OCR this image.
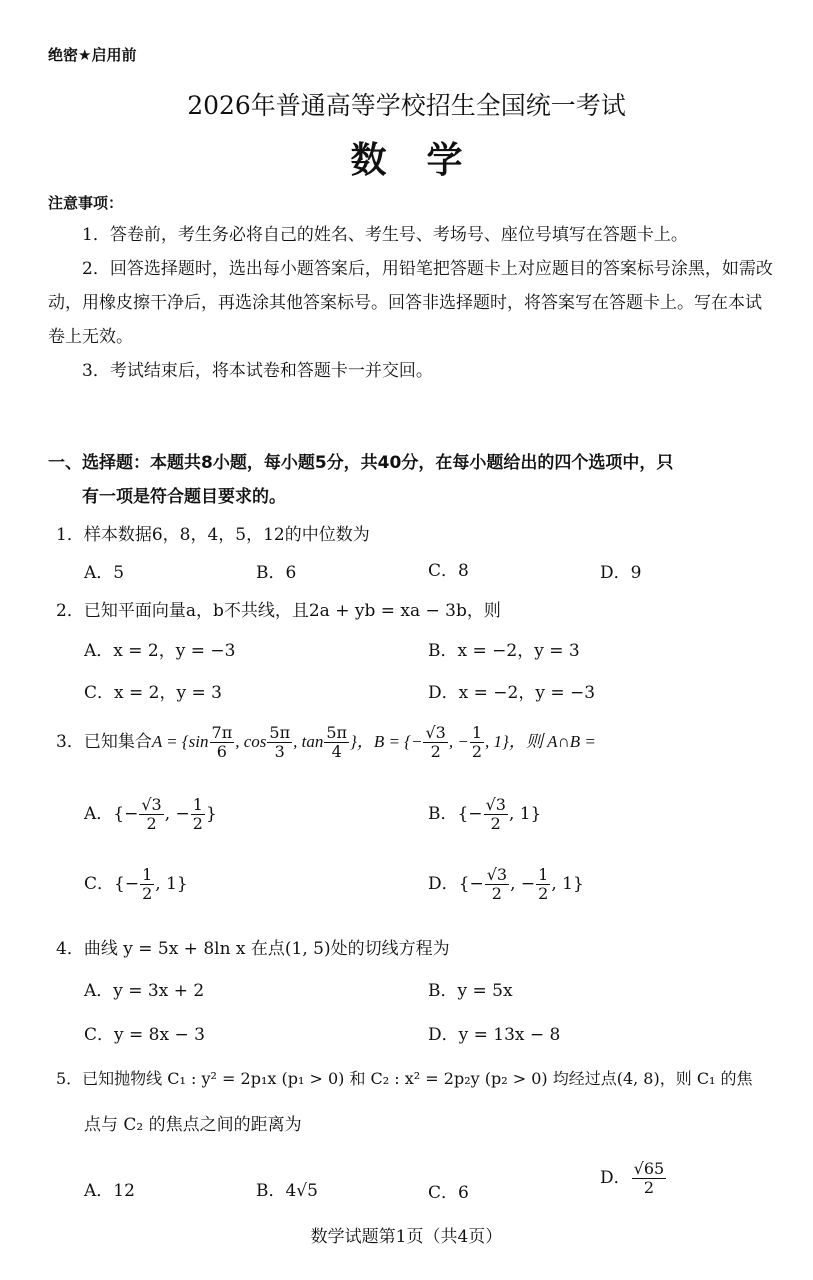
绝密★启用前
2026年普通高等学校招生全国统一考试
数学
注意事项：
1．答卷前，考生务必将自己的姓名、考生号、考场号、座位号填写在答题卡上。
2．回答选择题时，选出每小题答案后，用铅笔把答题卡上对应题目的答案标号涂黑，如需改动，用橡皮擦干净后，再选涂其他答案标号。回答非选择题时，将答案写在答题卡上。写在本试卷上无效。
3．考试结束后，将本试卷和答题卡一并交回。
一、选择题：本题共8小题，每小题5分，共40分，在每小题给出的四个选项中，只
有一项是符合题目要求的。
1．样本数据6，8，4，5，12的中位数为
A．5	B．6	C．8	D．9
2．已知平面向量a，b不共线，且2a + yb = xa − 3b，则
A．x = 2，y = −3	B．x = −2，y = 3
C．x = 2，y = 3	D．x = −2，y = −3
3．已知集合$A = \{\sin \frac{7\pi}{6}$ , $\cos \frac{5\pi}{3}$ , $\tan \frac{5\pi}{4}$ }，B = {− $\frac{√3}{2}$ , − $\frac{1}{2}$ , 1}，则 A∩B =
A．{− $\frac{√3}{2}$ , − $\frac{1}{2}$ }	B．{− $\frac{√3}{2}$ , 1}
C．{− $\frac{1}{2}$ , 1}	D．{− $\frac{√3}{2}$ , − $\frac{1}{2}$ , 1}
4．曲线 y = 5x + 8ln x 在点(1, 5)处的切线方程为
A．y = 3x + 2	B．y = 5x
C．y = 8x − 3	D．y = 13x − 8
5．已知抛物线 C₁ : y² = 2p₁x (p₁ > 0) 和 C₂ : x² = 2p₂y (p₂ > 0) 均经过点(4, 8)，则 C₁ 的焦
点与 C₂ 的焦点之间的距离为
A．12	B．4√5	C．6
D． $\frac{√65}{2}$
数学试题第1页（共4页）
